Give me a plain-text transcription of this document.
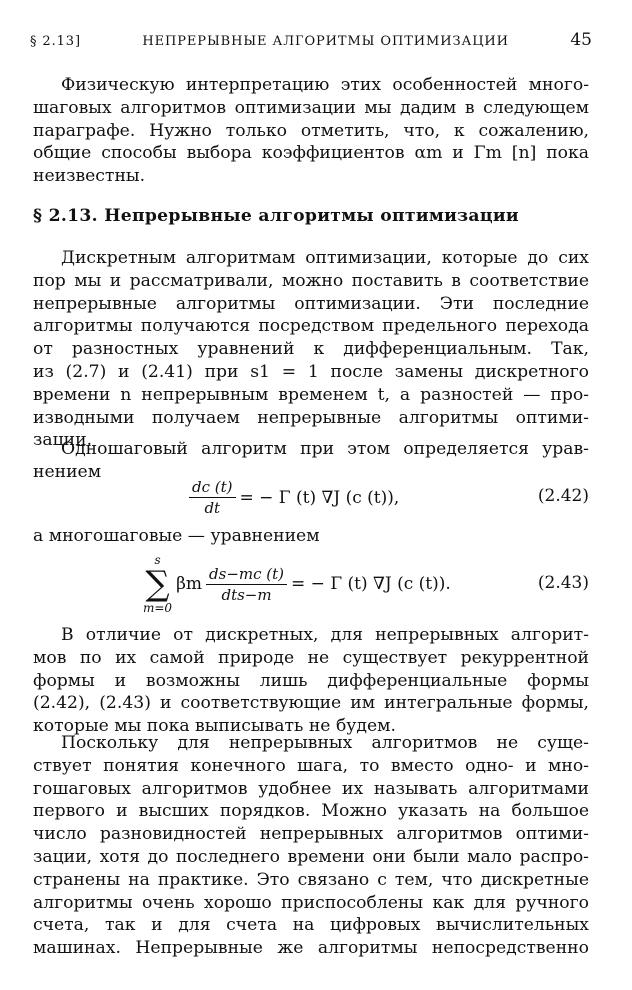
§ 2.13]	НЕПРЕРЫВНЫЕ АЛГОРИТМЫ ОПТИМИЗАЦИИ	45
Физическую интерпретацию этих особенностей много-
шаговых алгоритмов оптимизации мы дадим в следующем
параграфе. Нужно только отметить, что, к сожалению,
общие способы выбора коэффициентов αm и Γm [n] пока
неизвестны.
§ 2.13. Непрерывные алгоритмы оптимизации
Дискретным алгоритмам оптимизации, которые до сих
пор мы и рассматривали, можно поставить в соответствие
непрерывные алгоритмы оптимизации. Эти последние
алгоритмы получаются посредством предельного перехода
от разностных уравнений к дифференциальным. Так,
из (2.7) и (2.41) при s1 = 1 после замены дискретного
времени n непрерывным временем t, а разностей — про-
изводными получаем непрерывные алгоритмы оптими-
зации.
Одношаговый алгоритм при этом определяется урав-
нением
$\frac{dc (t)}{dt}$ = − Γ (t) ∇J (c (t)),	(2.42)
а многошаговые — уравнением
s
∑
m=0
βm $\frac{ds-mc (t)}{\text{dts−m}}$ = − Γ (t) ∇J (c (t)).	(2.43)
В отличие от дискретных, для непрерывных алгорит-
мов по их самой природе не существует рекуррентной
формы и возможны лишь дифференциальные формы
(2.42), (2.43) и соответствующие им интегральные формы,
которые мы пока выписывать не будем.
Поскольку для непрерывных алгоритмов не суще-
ствует понятия конечного шага, то вместо одно- и мно-
гошаговых алгоритмов удобнее их называть алгоритмами
первого и высших порядков. Можно указать на большое
число разновидностей непрерывных алгоритмов оптими-
зации, хотя до последнего времени они были мало распро-
странены на практике. Это связано с тем, что дискретные
алгоритмы очень хорошо приспособлены как для ручного
счета, так и для счета на цифровых вычислительных
машинах. Непрерывные же алгоритмы непосредственно
